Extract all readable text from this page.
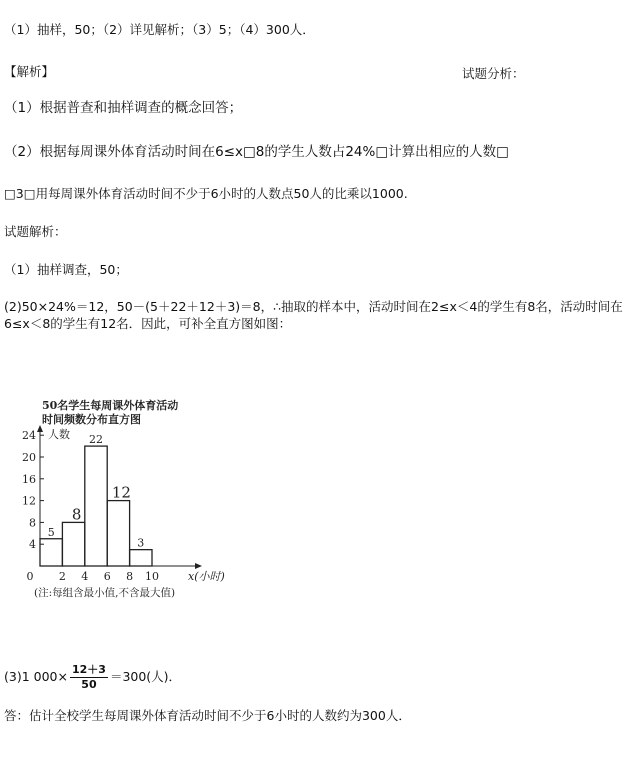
（1）抽样，50；（2）详见解析；（3）5；（4）300人．
【解析】	试题分析：
（1）根据普查和抽样调查的概念回答；
（2）根据每周课外体育活动时间在6≤x□8的学生人数占24%□计算出相应的人数□
□3□用每周课外体育活动时间不少于6小时的人数点50人的比乘以1000.
试题解析：
（1）抽样调查，50；
(2)50×24%＝12，50－(5＋22＋12＋3)＝8，∴抽取的样本中，活动时间在2≤x＜4的学生有8名，活动时间在6≤x＜8的学生有12名．因此，可补全直方图如图：
50名学生每周课外体育活动
时间频数分布直方图
人数
4
8
12
16
20
24
0 2 4 6 8 10
5
8
22
12
3
x(小时)
(注:每组含最小值,不含最大值)
(3)1 $000\times \frac{12+3}{50} =300$(人)．
答：估计全校学生每周课外体育活动时间不少于6小时的人数约为300人．
